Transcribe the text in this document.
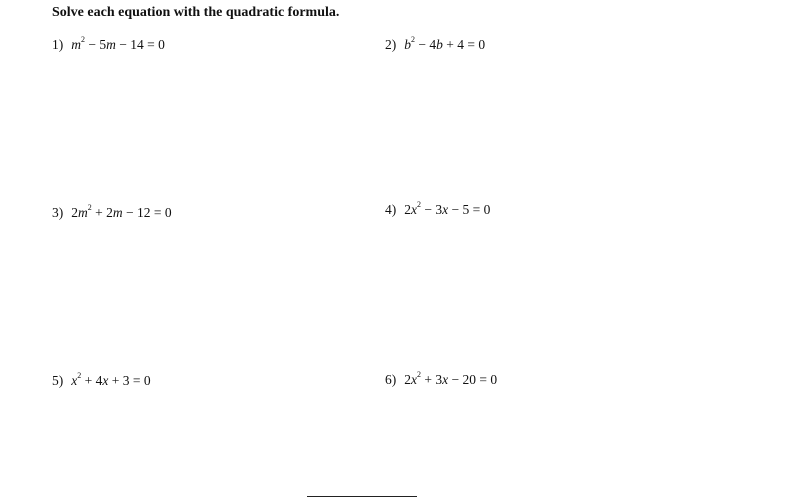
Solve each equation with the quadratic formula.
1) $m^2 - 5m - 14 = 0$	2) $b^2 - 4b + 4 = 0$
3) $2m^2 + 2m - 12 = 0$	4) $2x^2 - 3x - 5 = 0$
5) $x^2 + 4x + 3 = 0$	6) $2x^2 + 3x - 20 = 0$
